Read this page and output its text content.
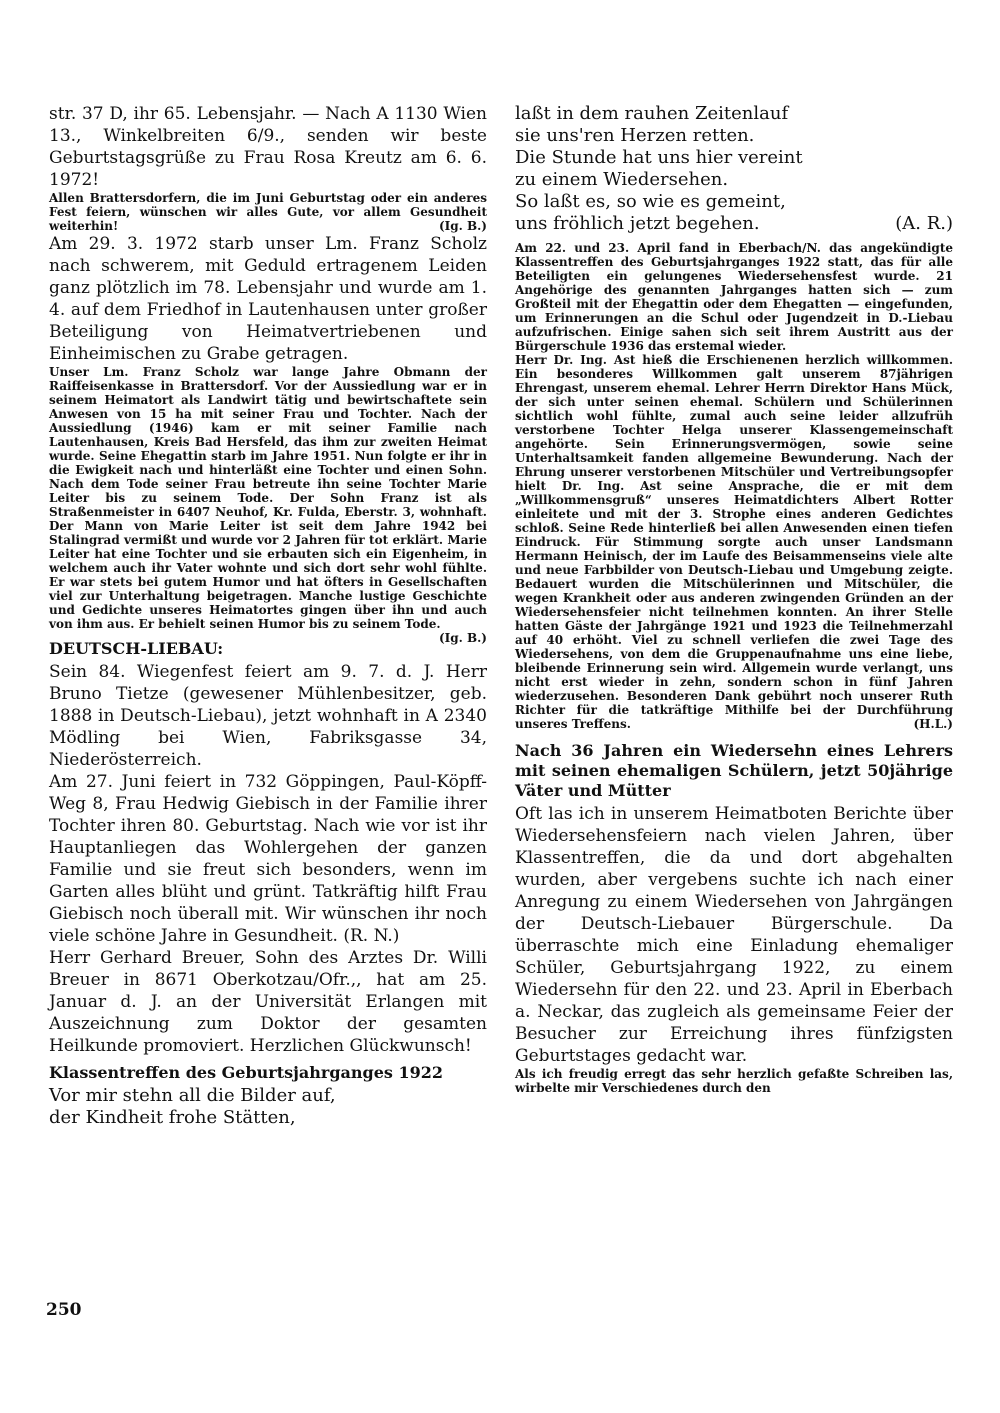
str. 37 D, ihr 65. Lebensjahr. — Nach A 1130 Wien 13., Winkelbreiten 6/9., senden wir beste Geburtstagsgrüße zu Frau Rosa Kreutz am 6. 6. 1972!

Allen Brattersdorfern, die im Juni Geburtstag oder ein anderes Fest feiern, wünschen wir alles Gute, vor allem Gesundheit weiterhin!	(Ig. B.)

Am 29. 3. 1972 starb unser Lm. Franz Scholz nach schwerem, mit Geduld ertragenem Leiden ganz plötzlich im 78. Lebensjahr und wurde am 1. 4. auf dem Friedhof in Lautenhausen unter großer Beteiligung von Heimatvertriebenen und Einheimischen zu Grabe getragen.

Unser Lm. Franz Scholz war lange Jahre Obmann der Raiffeisenkasse in Brattersdorf. Vor der Aussiedlung war er in seinem Heimatort als Landwirt tätig und bewirtschaftete sein Anwesen von 15 ha mit seiner Frau und Tochter. Nach der Aussiedlung (1946) kam er mit seiner Familie nach Lautenhausen, Kreis Bad Hersfeld, das ihm zur zweiten Heimat wurde. Seine Ehegattin starb im Jahre 1951. Nun folgte er ihr in die Ewigkeit nach und hinterläßt eine Tochter und einen Sohn. Nach dem Tode seiner Frau betreute ihn seine Tochter Marie Leiter bis zu seinem Tode. Der Sohn Franz ist als Straßenmeister in 6407 Neuhof, Kr. Fulda, Eberstr. 3, wohnhaft. Der Mann von Marie Leiter ist seit dem Jahre 1942 bei Stalingrad vermißt und wurde vor 2 Jahren für tot erklärt. Marie Leiter hat eine Tochter und sie erbauten sich ein Eigenheim, in welchem auch ihr Vater wohnte und sich dort sehr wohl fühlte. Er war stets bei gutem Humor und hat öfters in Gesellschaften viel zur Unterhaltung beigetragen. Manche lustige Geschichte und Gedichte unseres Heimatortes gingen über ihn und auch von ihm aus. Er behielt seinen Humor bis zu seinem Tode.
(Ig. B.)

DEUTSCH-LIEBAU:

Sein 84. Wiegenfest feiert am 9. 7. d. J. Herr Bruno Tietze (gewesener Mühlenbesitzer, geb. 1888 in Deutsch-Liebau), jetzt wohnhaft in A 2340 Mödling bei Wien, Fabriksgasse 34, Niederösterreich.

Am 27. Juni feiert in 732 Göppingen, Paul-Köpff-Weg 8, Frau Hedwig Giebisch in der Familie ihrer Tochter ihren 80. Geburtstag. Nach wie vor ist ihr Hauptanliegen das Wohlergehen der ganzen Familie und sie freut sich besonders, wenn im Garten alles blüht und grünt. Tatkräftig hilft Frau Giebisch noch überall mit. Wir wünschen ihr noch viele schöne Jahre in Gesundheit. (R. N.)

Herr Gerhard Breuer, Sohn des Arztes Dr. Willi Breuer in 8671 Oberkotzau/Ofr.,, hat am 25. Januar d. J. an der Universität Erlangen mit Auszeichnung zum Doktor der gesamten Heilkunde promoviert. Herzlichen Glückwunsch!

Klassentreffen des Geburtsjahrganges 1922

Vor mir stehn all die Bilder auf,

der Kindheit frohe Stätten,

laßt in dem rauhen Zeitenlauf

sie uns'ren Herzen retten.

Die Stunde hat uns hier vereint

zu einem Wiedersehen.

So laßt es, so wie es gemeint,

uns fröhlich jetzt begehen.	(A. R.)

Am 22. und 23. April fand in Eberbach/N. das angekündigte Klassentreffen des Geburtsjahrganges 1922 statt, das für alle Beteiligten ein gelungenes Wiedersehensfest wurde. 21 Angehörige des genannten Jahrganges hatten sich — zum Großteil mit der Ehegattin oder dem Ehegatten — eingefunden, um Erinnerungen an die Schul oder Jugendzeit in D.-Liebau aufzufrischen. Einige sahen sich seit ihrem Austritt aus der Bürgerschule 1936 das erstemal wieder.

Herr Dr. Ing. Ast hieß die Erschienenen herzlich willkommen. Ein besonderes Willkommen galt unserem 87jährigen Ehrengast, unserem ehemal. Lehrer Herrn Direktor Hans Mück, der sich unter seinen ehemal. Schülern und Schülerinnen sichtlich wohl fühlte, zumal auch seine leider allzufrüh verstorbene Tochter Helga unserer Klassengemeinschaft angehörte. Sein Erinnerungsvermögen, sowie seine Unterhaltsamkeit fanden allgemeine Bewunderung. Nach der Ehrung unserer verstorbenen Mitschüler und Vertreibungsopfer hielt Dr. Ing. Ast seine Ansprache, die er mit dem „Willkommensgruß“ unseres Heimatdichters Albert Rotter einleitete und mit der 3. Strophe eines anderen Gedichtes schloß. Seine Rede hinterließ bei allen Anwesenden einen tiefen Eindruck. Für Stimmung sorgte auch unser Landsmann Hermann Heinisch, der im Laufe des Beisammenseins viele alte und neue Farbbilder von Deutsch-Liebau und Umgebung zeigte. Bedauert wurden die Mitschülerinnen und Mitschüler, die wegen Krankheit oder aus anderen zwingenden Gründen an der Wiedersehensfeier nicht teilnehmen konnten. An ihrer Stelle hatten Gäste der Jahrgänge 1921 und 1923 die Teilnehmerzahl auf 40 erhöht. Viel zu schnell verliefen die zwei Tage des Wiedersehens, von dem die Gruppenaufnahme uns eine liebe, bleibende Erinnerung sein wird. Allgemein wurde verlangt, uns nicht erst wieder in zehn, sondern schon in fünf Jahren wiederzusehen. Besonderen Dank gebührt noch unserer Ruth Richter für die tatkräftige Mithilfe bei der Durchführung unseres Treffens.	(H.L.)

Nach 36 Jahren ein Wiedersehn eines Lehrers mit seinen ehemaligen Schülern, jetzt 50jährige Väter und Mütter

Oft las ich in unserem Heimatboten Berichte über Wiedersehensfeiern nach vielen Jahren, über Klassentreffen, die da und dort abgehalten wurden, aber vergebens suchte ich nach einer Anregung zu einem Wiedersehen von Jahrgängen der Deutsch-Liebauer Bürgerschule. Da überraschte mich eine Einladung ehemaliger Schüler, Geburtsjahrgang 1922, zu einem Wiedersehn für den 22. und 23. April in Eberbach a. Neckar, das zugleich als gemeinsame Feier der Besucher zur Erreichung ihres fünfzigsten Geburtstages gedacht war.

Als ich freudig erregt das sehr herzlich gefaßte Schreiben las, wirbelte mir Verschiedenes durch den

250
